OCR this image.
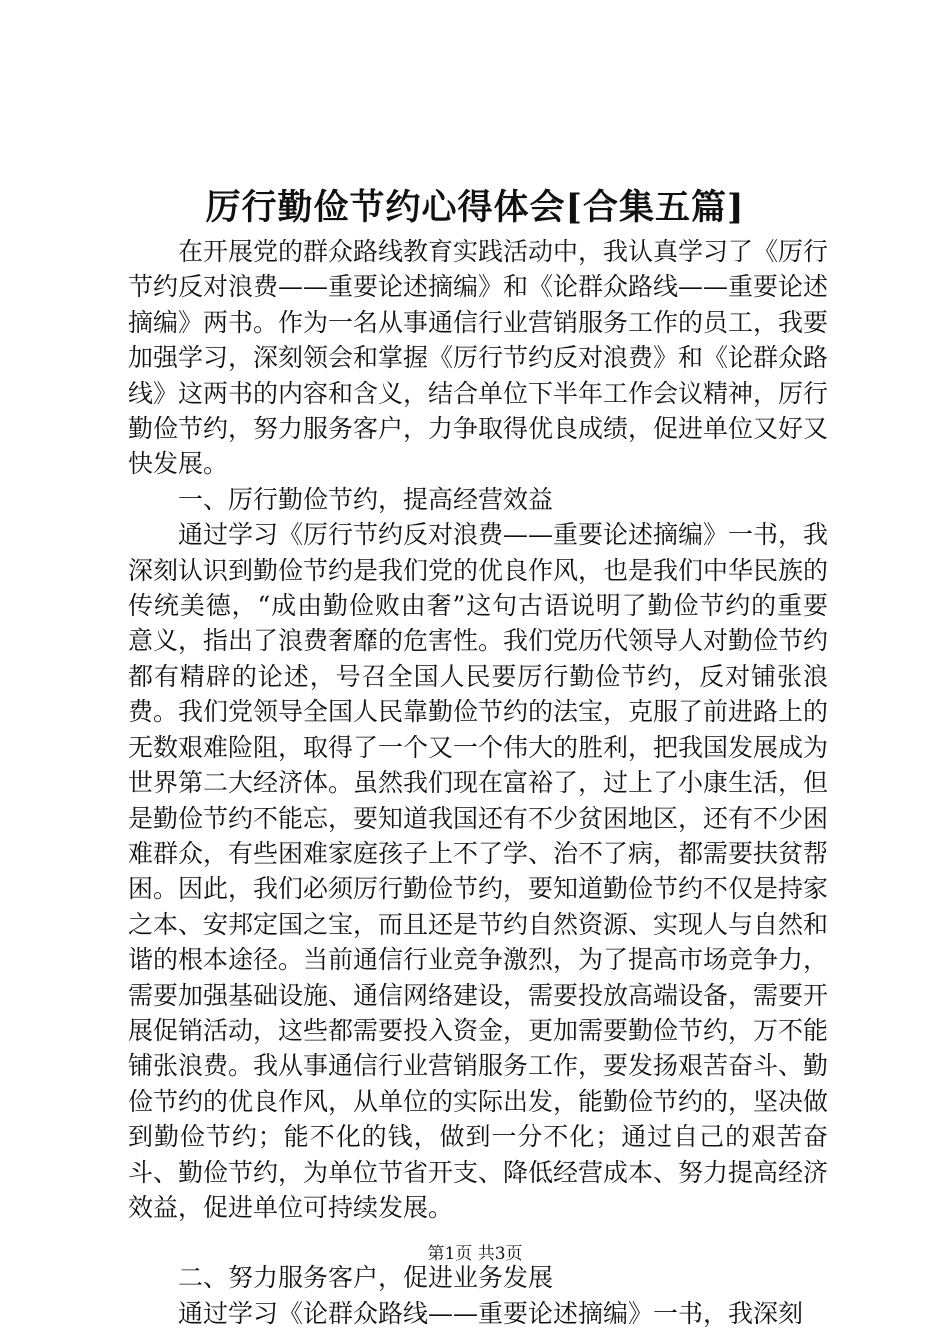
厉行勤俭节约心得体会[合集五篇]

在开展党的群众路线教育实践活动中，我认真学习了《厉行节约反对浪费——重要论述摘编》和《论群众路线——重要论述摘编》两书。作为一名从事通信行业营销服务工作的员工，我要加强学习，深刻领会和掌握《厉行节约反对浪费》和《论群众路线》这两书的内容和含义，结合单位下半年工作会议精神，厉行勤俭节约，努力服务客户，力争取得优良成绩，促进单位又好又快发展。

一、厉行勤俭节约，提高经营效益

通过学习《厉行节约反对浪费——重要论述摘编》一书，我深刻认识到勤俭节约是我们党的优良作风，也是我们中华民族的传统美德，“成由勤俭败由奢”这句古语说明了勤俭节约的重要意义，指出了浪费奢靡的危害性。我们党历代领导人对勤俭节约都有精辟的论述，号召全国人民要厉行勤俭节约，反对铺张浪费。我们党领导全国人民靠勤俭节约的法宝，克服了前进路上的无数艰难险阻，取得了一个又一个伟大的胜利，把我国发展成为世界第二大经济体。虽然我们现在富裕了，过上了小康生活，但是勤俭节约不能忘，要知道我国还有不少贫困地区，还有不少困难群众，有些困难家庭孩子上不了学、治不了病，都需要扶贫帮困。因此，我们必须厉行勤俭节约，要知道勤俭节约不仅是持家之本、安邦定国之宝，而且还是节约自然资源、实现人与自然和谐的根本途径。当前通信行业竞争激烈，为了提高市场竞争力，需要加强基础设施、通信网络建设，需要投放高端设备，需要开展促销活动，这些都需要投入资金，更加需要勤俭节约，万不能铺张浪费。我从事通信行业营销服务工作，要发扬艰苦奋斗、勤俭节约的优良作风，从单位的实际出发，能勤俭节约的，坚决做到勤俭节约；能不化的钱，做到一分不化；通过自己的艰苦奋斗、勤俭节约，为单位节省开支、降低经营成本、努力提高经济效益，促进单位可持续发展。

二、努力服务客户，促进业务发展

通过学习《论群众路线——重要论述摘编》一书，我深刻

第1页 共3页
